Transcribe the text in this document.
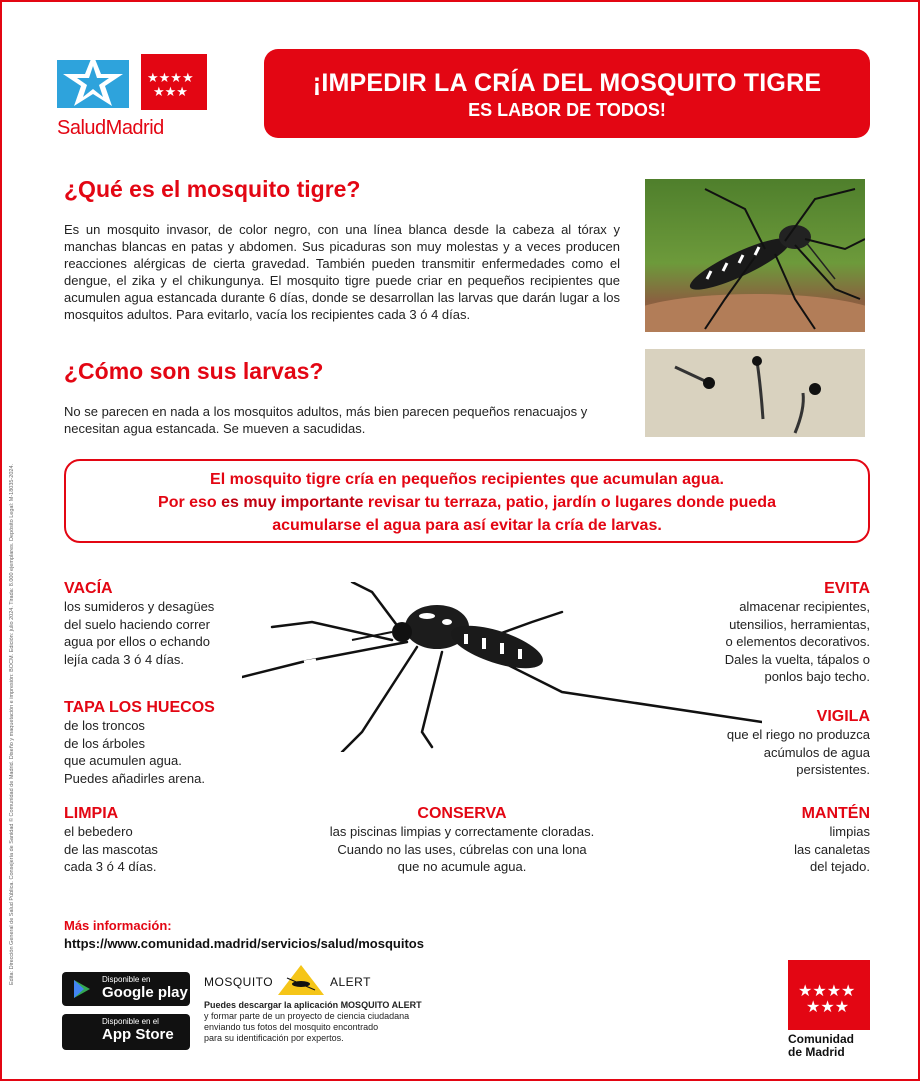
★★★★
★★★
SaludMadrid
¡IMPEDIR LA CRÍA DEL MOSQUITO TIGRE
ES LABOR DE TODOS!
¿Qué es el mosquito tigre?
Es un mosquito invasor, de color negro, con una línea blanca desde la cabeza al tórax y manchas blancas en patas y abdomen. Sus picaduras son muy molestas y a veces producen reacciones alérgicas de cierta gravedad. También pueden transmitir enfermedades como el dengue, el zika y el chikungunya. El mosquito tigre puede criar en pequeños recipientes que acumulen agua estancada durante 6 días, donde se desarrollan las larvas que darán lugar a los mosquitos adultos. Para evitarlo, vacía los recipientes cada 3 ó 4 días.
¿Cómo son sus larvas?
No se parecen en nada a los mosquitos adultos, más bien parecen pequeños renacuajos y necesitan agua estancada. Se mueven a sacudidas.
El mosquito tigre cría en pequeños recipientes que acumulan agua.
Por eso es muy importante revisar tu terraza, patio, jardín o lugares donde pueda
acumularse el agua para así evitar la cría de larvas.
VACÍA
los sumideros y desagües
del suelo haciendo correr
agua por ellos o echando
lejía cada 3 ó 4 días.
TAPA LOS HUECOS
de los troncos
de los árboles
que acumulen agua.
Puedes añadirles arena.
LIMPIA
el bebedero
de las mascotas
cada 3 ó 4 días.
CONSERVA
las piscinas limpias y correctamente cloradas.
Cuando no las uses, cúbrelas con una lona
que no acumule agua.
EVITA
almacenar recipientes,
utensilios, herramientas,
o elementos decorativos.
Dales la vuelta, tápalos o
ponlos bajo techo.
VIGILA
que el riego no produzca
acúmulos de agua
persistentes.
MANTÉN
limpias
las canaletas
del tejado.
Más información:
https://www.comunidad.madrid/servicios/salud/mosquitos
Disponible en
Google play
Disponible en el
App Store
MOSQUITO	ALERT
Puedes descargar la aplicación MOSQUITO ALERT
y formar parte de un proyecto de ciencia ciudadana
enviando tus fotos del mosquito encontrado
para su identificación por expertos.
★★★★
★★★
Comunidad
de Madrid
Edita: Dirección General de Salud Pública. Consejería de Sanidad © Comunidad de Madrid. Diseño y maquetación e impresión: BOCM. Edición: julio 2024. Tirada: 8.000 ejemplares. Depósito Legal: M-18035-2024.
